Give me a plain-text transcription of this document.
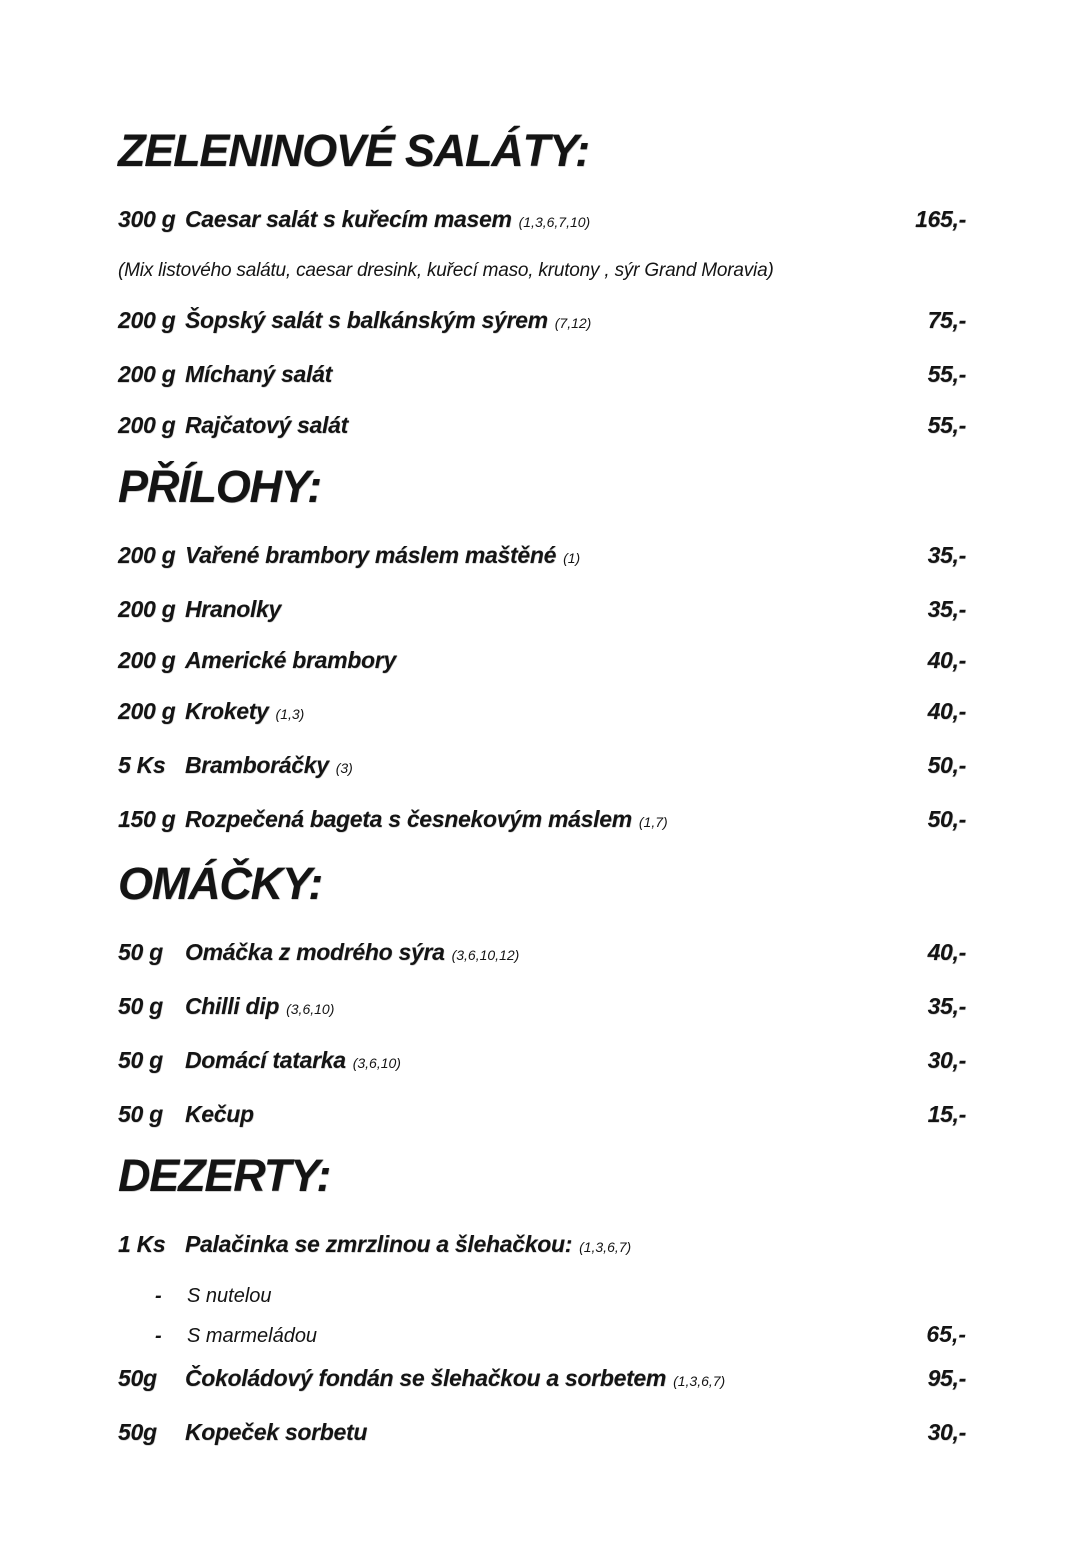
ZELENINOVÉ SALÁTY:
300 g Caesar salát s kuřecím masem (1,3,6,7,10)	165,-
(Mix listového salátu, caesar dresink, kuřecí maso, krutony , sýr Grand Moravia)
200 g Šopský salát s balkánským sýrem (7,12)	75,-
200 g Míchaný salát	55,-
200 g Rajčatový salát	55,-
PŘÍLOHY:
200 g Vařené brambory máslem maštěné (1)	35,-
200 g Hranolky	35,-
200 g Americké brambory	40,-
200 g Krokety (1,3)	40,-
5 Ks Bramboráčky (3)	50,-
150 g Rozpečená bageta s česnekovým máslem (1,7)	50,-
OMÁČKY:
50 g Omáčka z modrého sýra (3,6,10,12)	40,-
50 g Chilli dip (3,6,10)	35,-
50 g Domácí tatarka (3,6,10)	30,-
50 g Kečup	15,-
DEZERTY:
1 Ks Palačinka se zmrzlinou a šlehačkou: (1,3,6,7)
-	S nutelou
-	S marmeládou	65,-
50g	Čokoládový fondán se šlehačkou a sorbetem (1,3,6,7)	95,-
50g	Kopeček sorbetu	30,-
